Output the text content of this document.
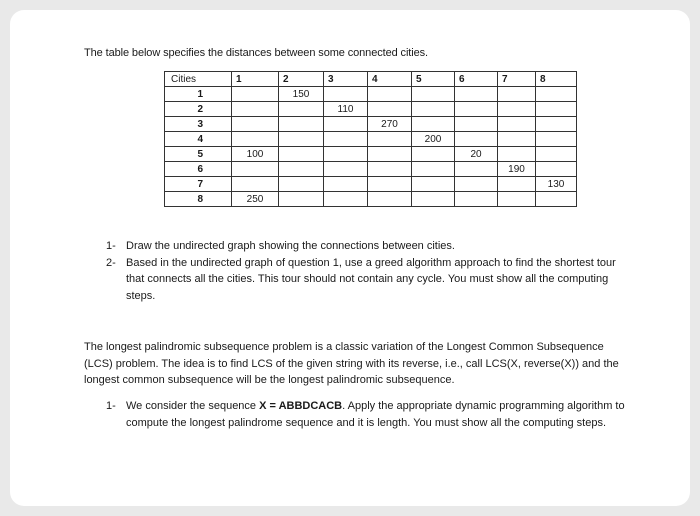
The table below specifies the distances between some connected cities.
Cities	1	2	3	4	5	6	7	8
1		150						
2			110					
3				270				
4					200			
5	100					20		
6							190	
7								130
8	250							
1- Draw the undirected graph showing the connections between cities.
2- Based in the undirected graph of question 1, use a greed algorithm approach to find the shortest tour that connects all the cities. This tour should not contain any cycle. You must show all the computing steps.
The longest palindromic subsequence problem is a classic variation of the Longest Common Subsequence (LCS) problem. The idea is to find LCS of the given string with its reverse, i.e., call LCS(X, reverse(X)) and the longest common subsequence will be the longest palindromic subsequence.
1- We consider the sequence X = ABBDCACB. Apply the appropriate dynamic programming algorithm to compute the longest palindrome sequence and it is length. You must show all the computing steps.
